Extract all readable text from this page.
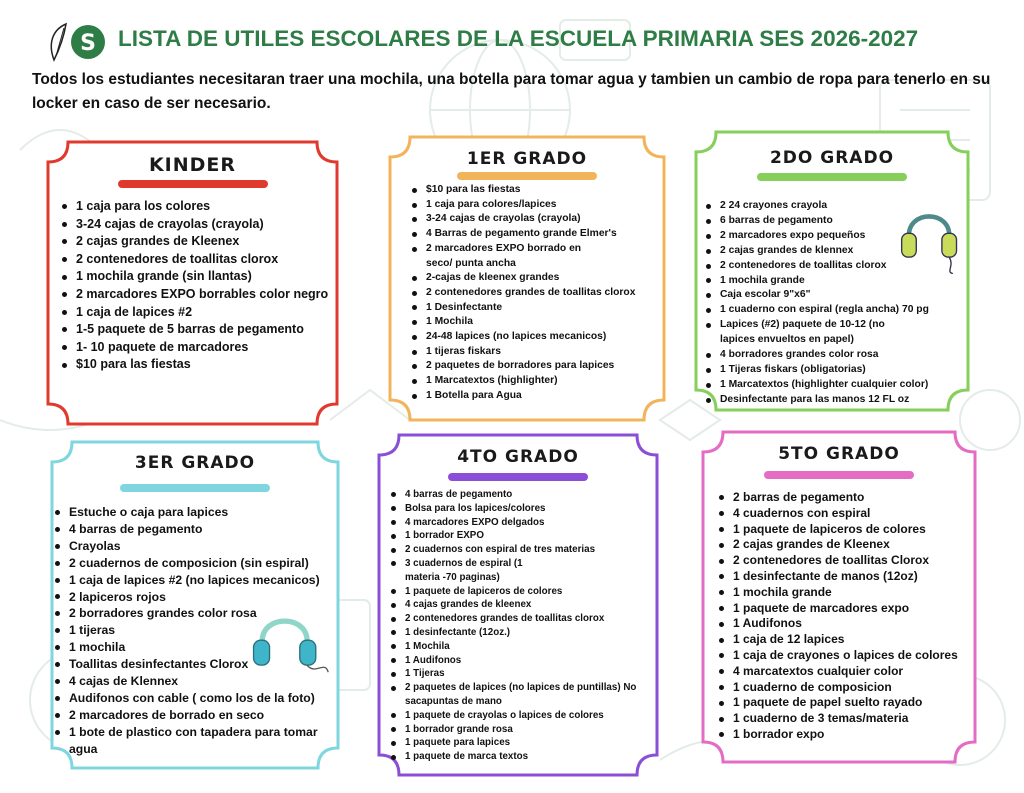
S LISTA DE UTILES ESCOLARES DE LA ESCUELA PRIMARIA SES 2026-2027
Todos los estudiantes necesitaran traer una mochila, una botella para tomar agua y tambien un cambio de ropa para tenerlo en su locker en caso de ser necesario.
KINDER
1 caja para los colores
3-24 cajas de crayolas (crayola)
2 cajas grandes de Kleenex
2 contenedores de toallitas clorox
1 mochila grande (sin llantas)
2 marcadores EXPO borrables color negro
1 caja de lapices #2
1-5 paquete de 5 barras de pegamento
1- 10 paquete de marcadores
$10 para las fiestas
1ER GRADO
$10 para las fiestas
1 caja para colores/lapices
3-24 cajas de crayolas (crayola)
4 Barras de pegamento grande Elmer's
2 marcadores EXPO borrado en seco/ punta ancha
2-cajas de kleenex grandes
2 contenedores grandes de toallitas clorox
1 Desinfectante
1 Mochila
24-48 lapices (no lapices mecanicos)
1 tijeras fiskars
2 paquetes de borradores para lapices
1 Marcatextos (highlighter)
1 Botella para Agua
2DO GRADO
2 24 crayones crayola
6 barras de pegamento
2 marcadores expo pequeños
2 cajas grandes de klennex
2 contenedores de toallitas clorox
1 mochila grande
Caja escolar 9"x6"
1 cuaderno con espiral (regla ancha) 70 pg
Lapices (#2) paquete de 10-12 (no lapices envueltos en papel)
4 borradores grandes color rosa
1 Tijeras fiskars (obligatorias)
1 Marcatextos (highlighter cualquier color)
Desinfectante para las manos 12 FL oz
3ER GRADO
Estuche o caja para lapices
4 barras de pegamento
Crayolas
2 cuadernos de composicion (sin espiral)
1 caja de lapices #2 (no lapices mecanicos)
2 lapiceros rojos
2 borradores grandes color rosa
1 tijeras
1 mochila
Toallitas desinfectantes Clorox
4 cajas de Klennex
Audifonos con cable ( como los de la foto)
2 marcadores de borrado en seco
1 bote de plastico con tapadera para tomar agua
4TO GRADO
4 barras de pegamento
Bolsa para los lapices/colores
4 marcadores EXPO delgados
1 borrador EXPO
2 cuadernos con espiral de tres materias
3 cuadernos de espiral (1 materia -70 paginas)
1 paquete de lapiceros de colores
4 cajas grandes de kleenex
2 contenedores grandes de toallitas clorox
1 desinfectante (12oz.)
1 Mochila
1 Audifonos
1 Tijeras
2 paquetes de lapices (no lapices de puntillas) No sacapuntas de mano
1 paquete de crayolas o lapices de colores
1 borrador grande rosa
1 paquete para lapices
1 paquete de marca textos
5TO GRADO
2 barras de pegamento
4 cuadernos con espiral
1 paquete de lapiceros de colores
2 cajas grandes de Kleenex
2 contenedores de toallitas Clorox
1 desinfectante de manos (12oz)
1 mochila grande
1 paquete de marcadores expo
1 Audifonos
1 caja de 12 lapices
1 caja de crayones o lapices de colores
4 marcatextos cualquier color
1 cuaderno de composicion
1 paquete de papel suelto rayado
1 cuaderno de 3 temas/materia
1 borrador expo
